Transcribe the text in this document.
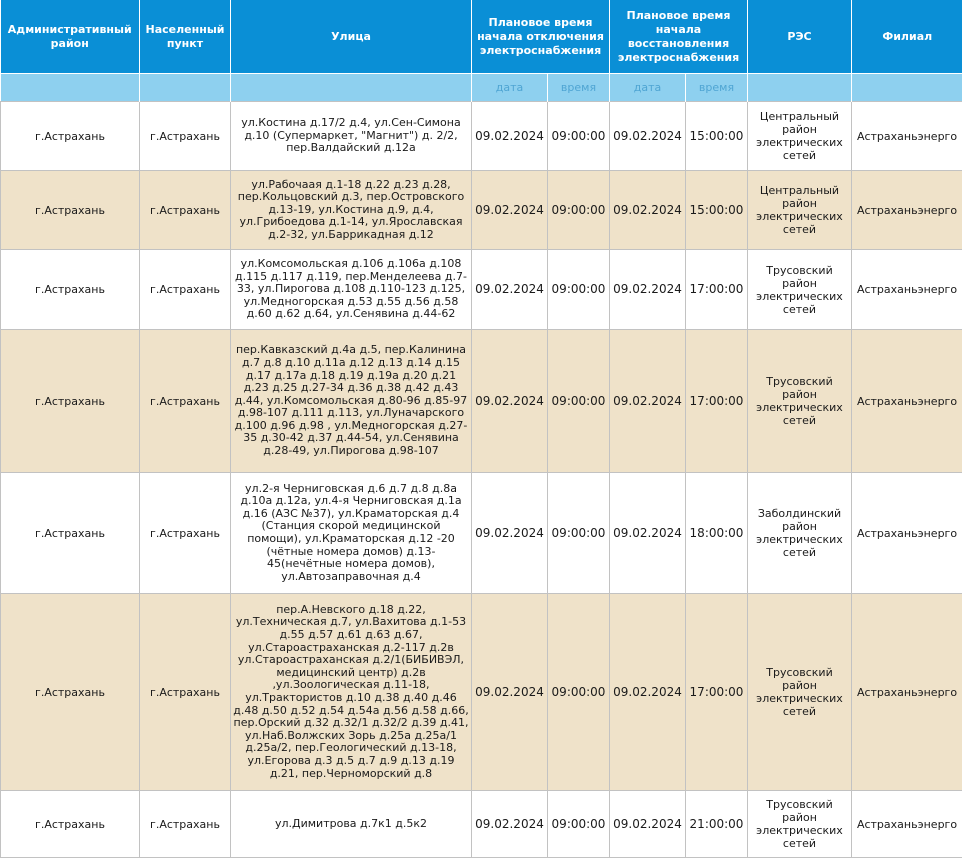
Административный район	Населенный пункт	Улица	Плановое время начала отключения электроснабжения		Плановое время начала восстановления электроснабжения		РЭС	Филиал
			дата	время	дата	время		
г.Астрахань	г.Астрахань	ул.Костина д.17/2 д.4, ул.Сен-Симона д.10 (Супермаркет, "Магнит") д. 2/2, пер.Валдайский д.12а	09.02.2024	09:00:00	09.02.2024	15:00:00	Центральный район электрических сетей	Астраханьэнерго
г.Астрахань	г.Астрахань	ул.Рабочаая д.1-18 д.22 д.23 д.28, пер.Кольцовский д.3, пер.Островского д.13-19, ул.Костина д.9, д.4, ул.Грибоедова д.1-14, ул.Ярославская д.2-32, ул.Баррикадная д.12	09.02.2024	09:00:00	09.02.2024	15:00:00	Центральный район электрических сетей	Астраханьэнерго
г.Астрахань	г.Астрахань	ул.Комсомольская д.106 д.106а д.108 д.115 д.117 д.119, пер.Менделеева д.7-33, ул.Пирогова д.108 д.110-123 д.125, ул.Медногорская д.53 д.55 д.56 д.58 д.60 д.62 д.64, ул.Сенявина д.44-62	09.02.2024	09:00:00	09.02.2024	17:00:00	Трусовский район электрических сетей	Астраханьэнерго
г.Астрахань	г.Астрахань	пер.Кавказский д.4а д.5, пер.Калинина д.7 д.8 д.10 д.11а д.12 д.13 д.14 д.15 д.17 д.17а д.18 д.19 д.19а д.20 д.21 д.23 д.25 д.27-34 д.36 д.38 д.42 д.43 д.44, ул.Комсомольская д.80-96 д.85-97 д.98-107 д.111 д.113, ул.Луначарского д.100 д.96 д.98 , ул.Медногорская д.27-35 д.30-42 д.37 д.44-54, ул.Сенявина д.28-49, ул.Пирогова д.98-107	09.02.2024	09:00:00	09.02.2024	17:00:00	Трусовский район электрических сетей	Астраханьэнерго
г.Астрахань	г.Астрахань	ул.2-я Черниговская д.6 д.7 д.8 д.8а д.10а д.12а, ул.4-я Черниговская д.1а д.16 (АЗС №37), ул.Краматорская д.4 (Станция скорой медицинской помощи), ул.Краматорская д.12 -20 (чётные номера домов) д.13-45(нечётные номера домов), ул.Автозаправочная д.4	09.02.2024	09:00:00	09.02.2024	18:00:00	Заболдинский район электрических сетей	Астраханьэнерго
г.Астрахань	г.Астрахань	пер.А.Невского д.18 д.22, ул.Техническая д.7, ул.Вахитова д.1-53 д.55 д.57 д.61 д.63 д.67, ул.Староастраханская д.2-117 д.2в ул.Староастраханская д.2/1(БИБИВЭЛ, медицинский центр) д.2в ,ул.Зоологическая д.11-18, ул.Трактористов д.10 д.38 д.40 д.46 д.48 д.50 д.52 д.54 д.54а д.56 д.58 д.66, пер.Орский д.32 д.32/1 д.32/2 д.39 д.41, ул.Наб.Волжских Зорь д.25а д.25а/1 д.25а/2, пер.Геологический д.13-18, ул.Егорова д.3 д.5 д.7 д.9 д.13 д.19 д.21, пер.Черноморский д.8	09.02.2024	09:00:00	09.02.2024	17:00:00	Трусовский район электрических сетей	Астраханьэнерго
г.Астрахань	г.Астрахань	ул.Димитрова д.7к1 д.5к2	09.02.2024	09:00:00	09.02.2024	21:00:00	Трусовский район электрических сетей	Астраханьэнерго
